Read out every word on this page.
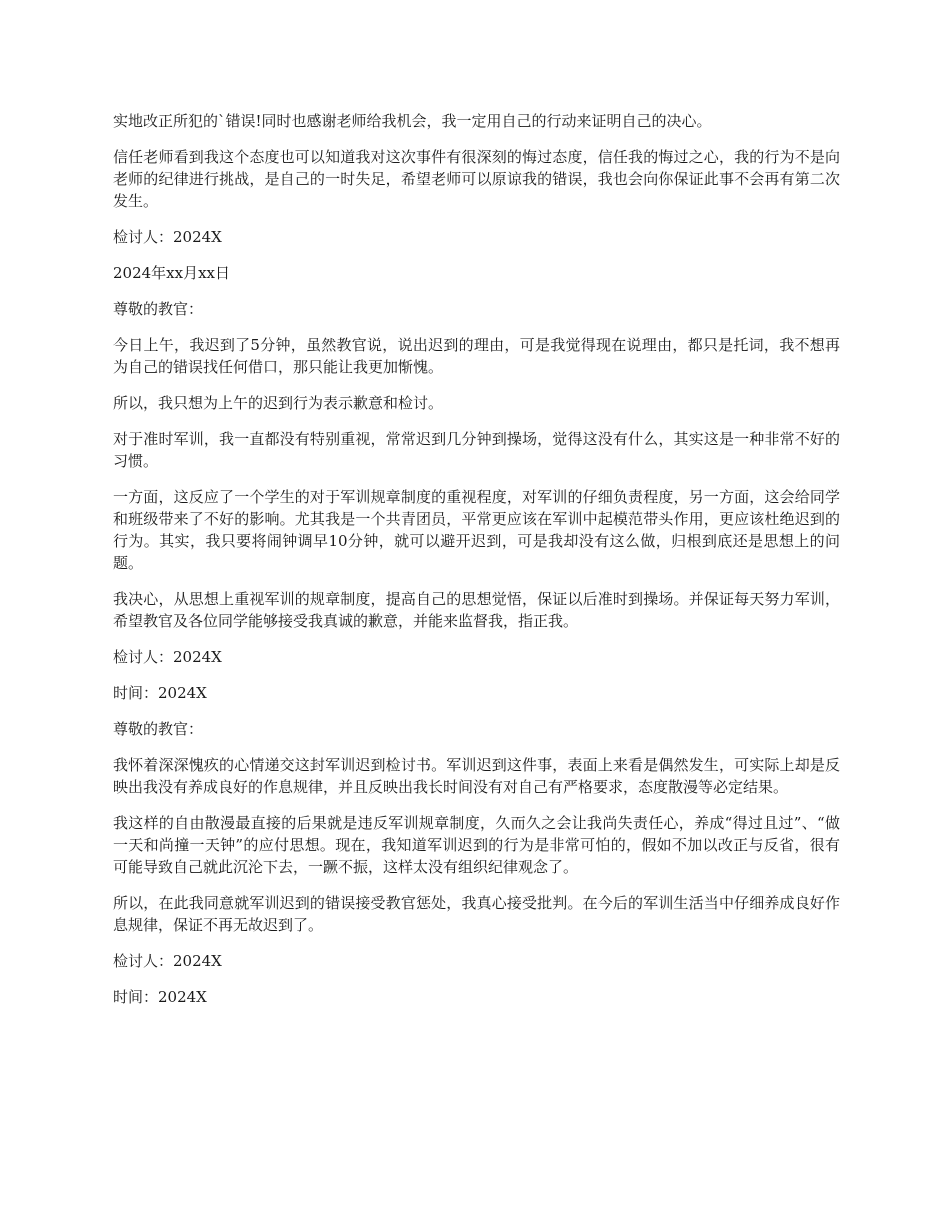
实地改正所犯的`错误!同时也感谢老师给我机会，我一定用自己的行动来证明自己的决心。

信任老师看到我这个态度也可以知道我对这次事件有很深刻的悔过态度，信任我的悔过之心，我的行为不是向老师的纪律进行挑战，是自己的一时失足，希望老师可以原谅我的错误，我也会向你保证此事不会再有第二次发生。

检讨人：2024X

2024年xx月xx日

尊敬的教官：

今日上午，我迟到了5分钟，虽然教官说，说出迟到的理由，可是我觉得现在说理由，都只是托词，我不想再为自己的错误找任何借口，那只能让我更加惭愧。

所以，我只想为上午的迟到行为表示歉意和检讨。

对于准时军训，我一直都没有特别重视，常常迟到几分钟到操场，觉得这没有什么，其实这是一种非常不好的习惯。

一方面，这反应了一个学生的对于军训规章制度的重视程度，对军训的仔细负责程度，另一方面，这会给同学和班级带来了不好的影响。尤其我是一个共青团员，平常更应该在军训中起模范带头作用，更应该杜绝迟到的行为。其实，我只要将闹钟调早10分钟，就可以避开迟到，可是我却没有这么做，归根到底还是思想上的问题。

我决心，从思想上重视军训的规章制度，提高自己的思想觉悟，保证以后准时到操场。并保证每天努力军训，希望教官及各位同学能够接受我真诚的歉意，并能来监督我，指正我。

检讨人：2024X

时间：2024X

尊敬的教官：

我怀着深深愧疚的心情递交这封军训迟到检讨书。军训迟到这件事，表面上来看是偶然发生，可实际上却是反映出我没有养成良好的作息规律，并且反映出我长时间没有对自己有严格要求，态度散漫等必定结果。

我这样的自由散漫最直接的后果就是违反军训规章制度，久而久之会让我尚失责任心，养成“得过且过”、“做一天和尚撞一天钟”的应付思想。现在，我知道军训迟到的行为是非常可怕的，假如不加以改正与反省，很有可能导致自己就此沉沦下去，一蹶不振，这样太没有组织纪律观念了。

所以，在此我同意就军训迟到的错误接受教官惩处，我真心接受批判。在今后的军训生活当中仔细养成良好作息规律，保证不再无故迟到了。

检讨人：2024X

时间：2024X
